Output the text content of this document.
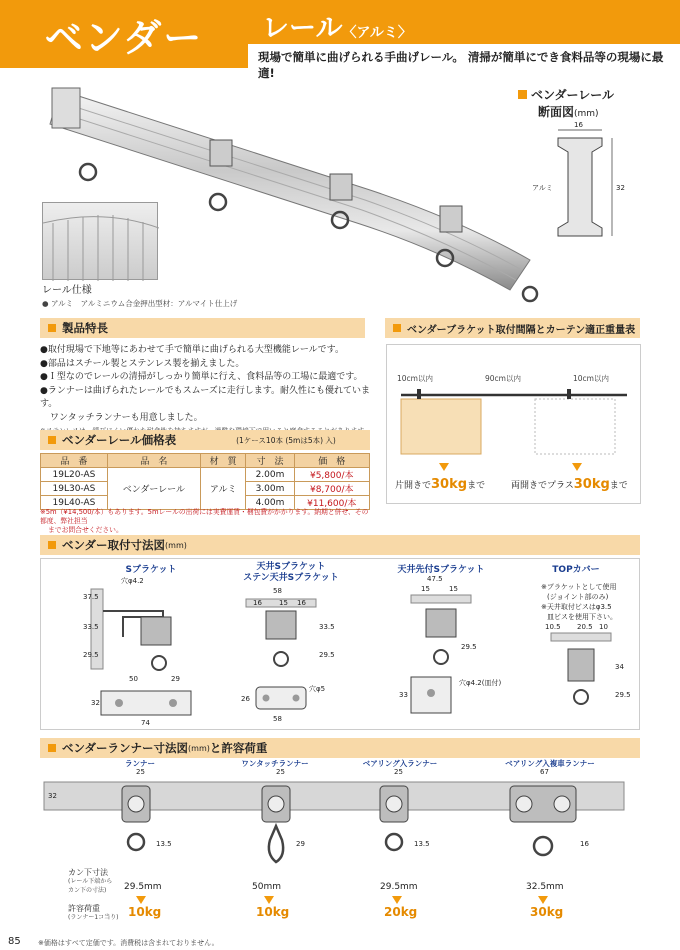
ベンダー レール〈アルミ〉
現場で簡単に曲げられる手曲げレール。 清掃が簡単にでき食料品等の現場に最適!
レール仕様
● アルミ　アルミニウム合金押出型材：アルマイト仕上げ
ベンダーレール
断面図(mm)
16
32
アルミ
製品特長
●取付現場で下地等にあわせて手で簡単に曲げられる大型機能レールです。
●部品はスチール製とステンレス製を揃えました。
●Ｉ型なのでレールの清掃がしっかり簡単に行え、食料品等の工場に最適です。
●ランナーは曲げられたレールでもスムーズに走行します。耐久性にも優れています。
ワンタッチランナーも用意しました。
ベンダーブラケット取付間隔とカーテン適正重量表
10cm以内	90cm以内	10cm以内
片開きで30kgまで	両開きでプラス30kgまで
ベンダーレール価格表	(1ケース10本 (5mは5本) 入)
品　番	品　名	材　質	寸　法	価　格
19L20-AS	ベンダーレール	アルミ	2.00m	¥5,800/本
19L30-AS			3.00m	¥8,700/本
19L40-AS			4.00m	¥11,600/本
※5m（¥14,500/本）もあります。5mレールの出荷には実費運賃・梱包費がかかります。納期と併せ、その都度、弊社担当
までお問合せください。
ベンダー取付寸法図 (mm)
Sブラケット	天井Sブラケット
ステン天井Sブラケット
天井先付Sブラケット	TOPカバー
穴φ4.2
37.5
33.5
29.5
50	29
32
74
58
16	16
15
33.5
29.5
26
58
穴φ5
47.5
15	15
29.5
33
穴φ4.2(皿付)
※ブラケットとして使用
(ジョイント部のみ)
※天井取付ビスはφ3.5
皿ビスを使用下さい。
20.5
10.5	10
34
29.5
ベンダーランナー寸法図 (mm) と許容荷重
32
25	25	25	67
13.5	29	13.5	16
ランナー	ワンタッチランナー	ベアリング入ランナー	ベアリング入複車ランナー
カン下寸法
(レール下端から
カン下の寸法)
許容荷重
(ランナー1コ当り)
29.5mm	50mm	29.5mm	32.5mm
10kg	10kg	20kg	30kg
85 ※価格はすべて定価です。消費税は含まれておりません。
